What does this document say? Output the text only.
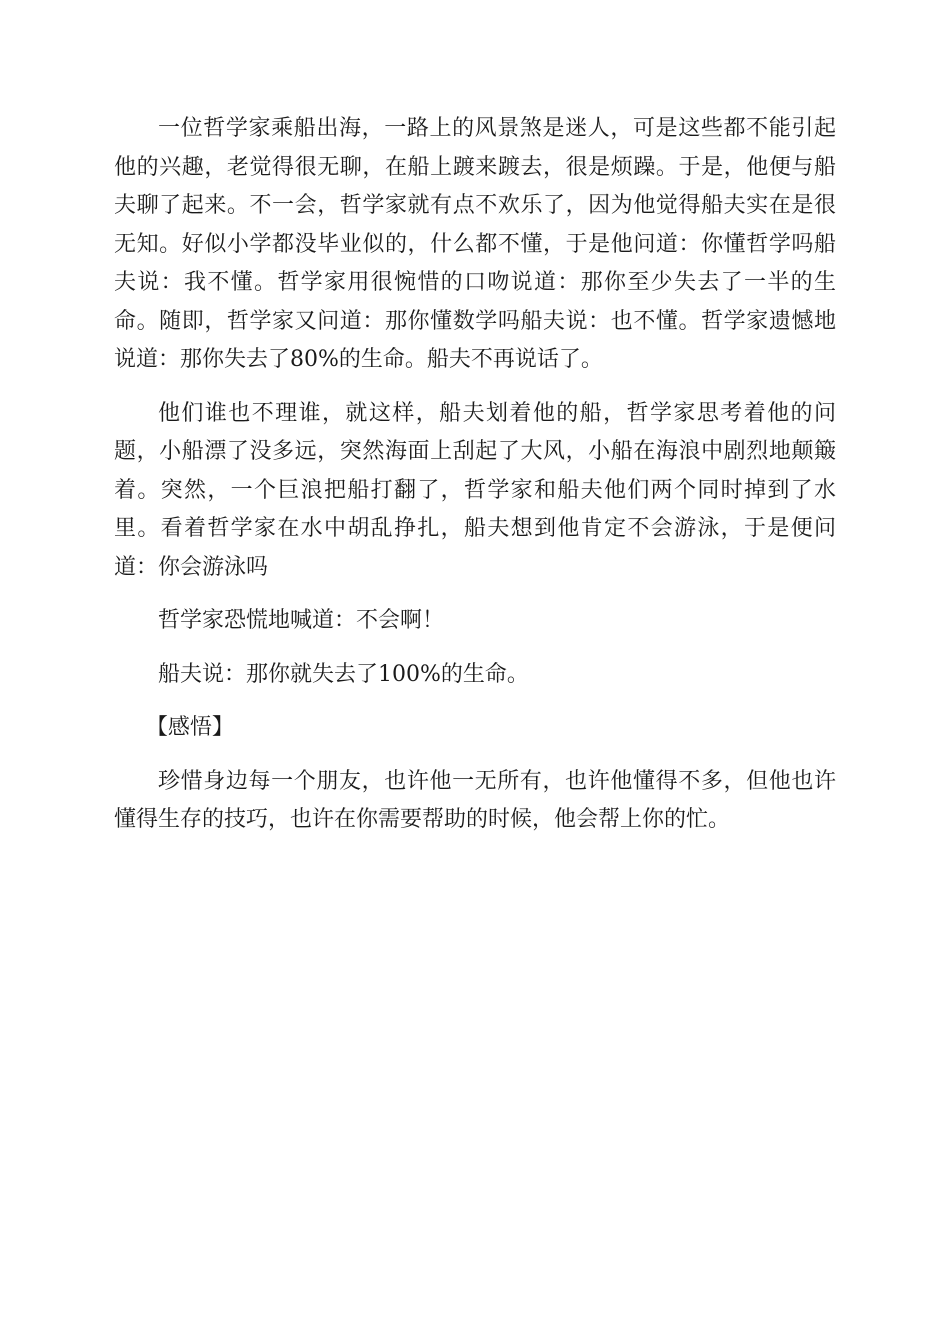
一位哲学家乘船出海，一路上的风景煞是迷人，可是这些都不能引起他的兴趣，老觉得很无聊，在船上踱来踱去，很是烦躁。于是，他便与船夫聊了起来。不一会，哲学家就有点不欢乐了，因为他觉得船夫实在是很无知。好似小学都没毕业似的，什么都不懂，于是他问道：你懂哲学吗船夫说：我不懂。哲学家用很惋惜的口吻说道：那你至少失去了一半的生命。随即，哲学家又问道：那你懂数学吗船夫说：也不懂。哲学家遗憾地说道：那你失去了80%的生命。船夫不再说话了。

他们谁也不理谁，就这样，船夫划着他的船，哲学家思考着他的问题，小船漂了没多远，突然海面上刮起了大风，小船在海浪中剧烈地颠簸着。突然，一个巨浪把船打翻了，哲学家和船夫他们两个同时掉到了水里。看着哲学家在水中胡乱挣扎，船夫想到他肯定不会游泳，于是便问道：你会游泳吗

哲学家恐慌地喊道：不会啊！

船夫说：那你就失去了100%的生命。

【感悟】

珍惜身边每一个朋友，也许他一无所有，也许他懂得不多，但他也许懂得生存的技巧，也许在你需要帮助的时候，他会帮上你的忙。
